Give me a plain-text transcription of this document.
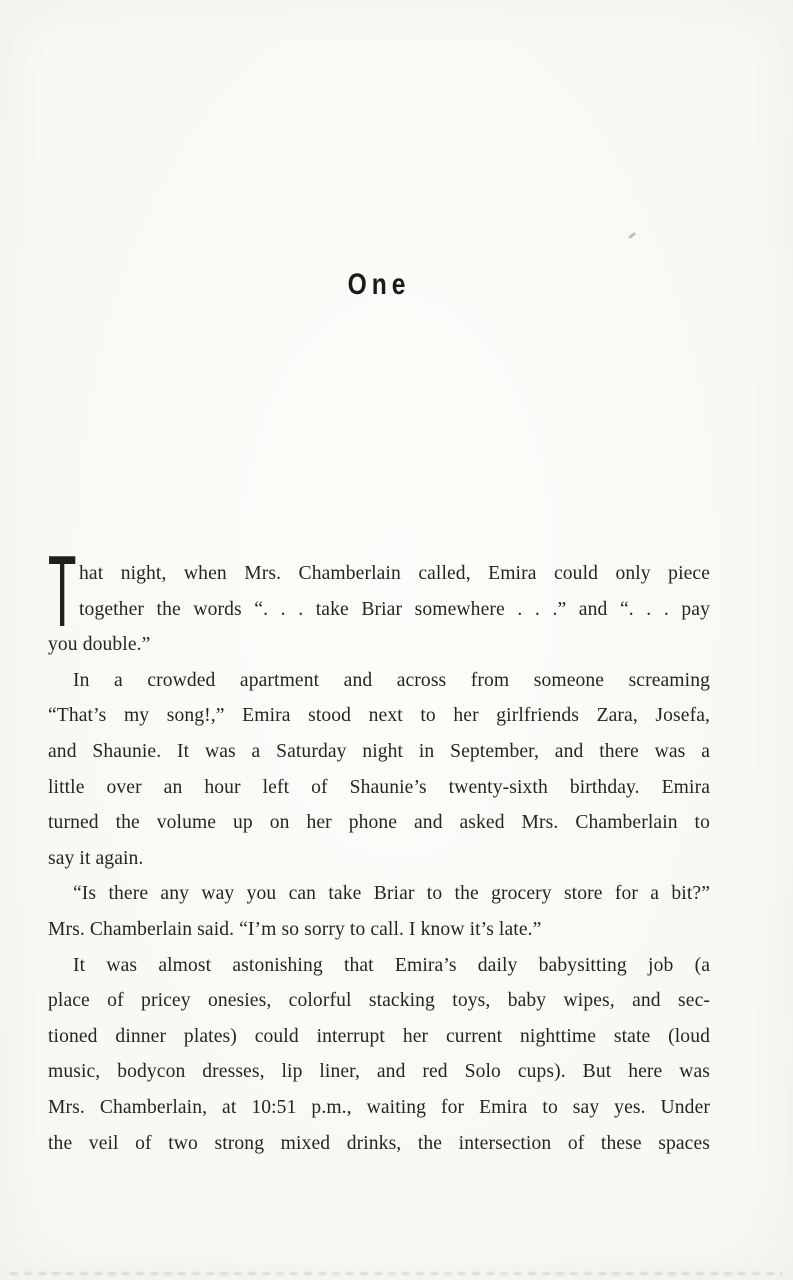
One
T hat night, when Mrs. Chamberlain called, Emira could only piece
together the words “. . . take Briar somewhere . . .” and “. . . pay
you double.”
In a crowded apartment and across from someone screaming
“That’s my song!,” Emira stood next to her girlfriends Zara, Josefa,
and Shaunie. It was a Saturday night in September, and there was a
little over an hour left of Shaunie’s twenty-sixth birthday. Emira
turned the volume up on her phone and asked Mrs. Chamberlain to
say it again.
“Is there any way you can take Briar to the grocery store for a bit?”
Mrs. Chamberlain said. “I’m so sorry to call. I know it’s late.”
It was almost astonishing that Emira’s daily babysitting job (a
place of pricey onesies, colorful stacking toys, baby wipes, and sec-
tioned dinner plates) could interrupt her current nighttime state (loud
music, bodycon dresses, lip liner, and red Solo cups). But here was
Mrs. Chamberlain, at 10:51 p.m., waiting for Emira to say yes. Under
the veil of two strong mixed drinks, the intersection of these spaces
